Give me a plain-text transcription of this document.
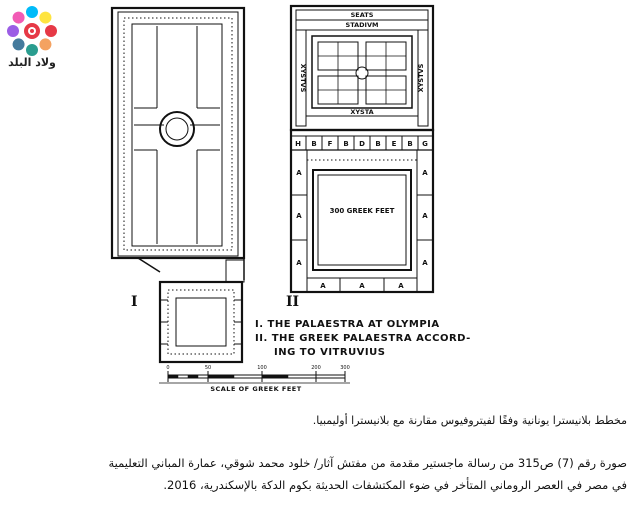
ولاد البلد
SEATS
STADIVM
XYSTVS	XYSTVS
XYSTA
300 GREEK FEET
H B F B D B E B G
A
A
A
A
A
A
A	A	A
0	50	100	200	300
SCALE OF GREEK FEET
I	II
I. THE PALAESTRA AT OLYMPIA
II. THE GREEK PALAESTRA ACCORD-
ING TO VITRUVIUS
مخطط بلانيسترا يونانية وفقًا لفيتروفيوس مقارنة مع بلانيسترا أوليمبيا.
صورة رقم (7) ص315 من رسالة ماجستير مقدمة من مفتش آثار/ خلود محمد شوقي، عمارة المباني التعليمية
في مصر في العصر الروماني المتأخر في ضوء المكتشفات الحديثة بكوم الدكة بالإسكندرية، 2016.
